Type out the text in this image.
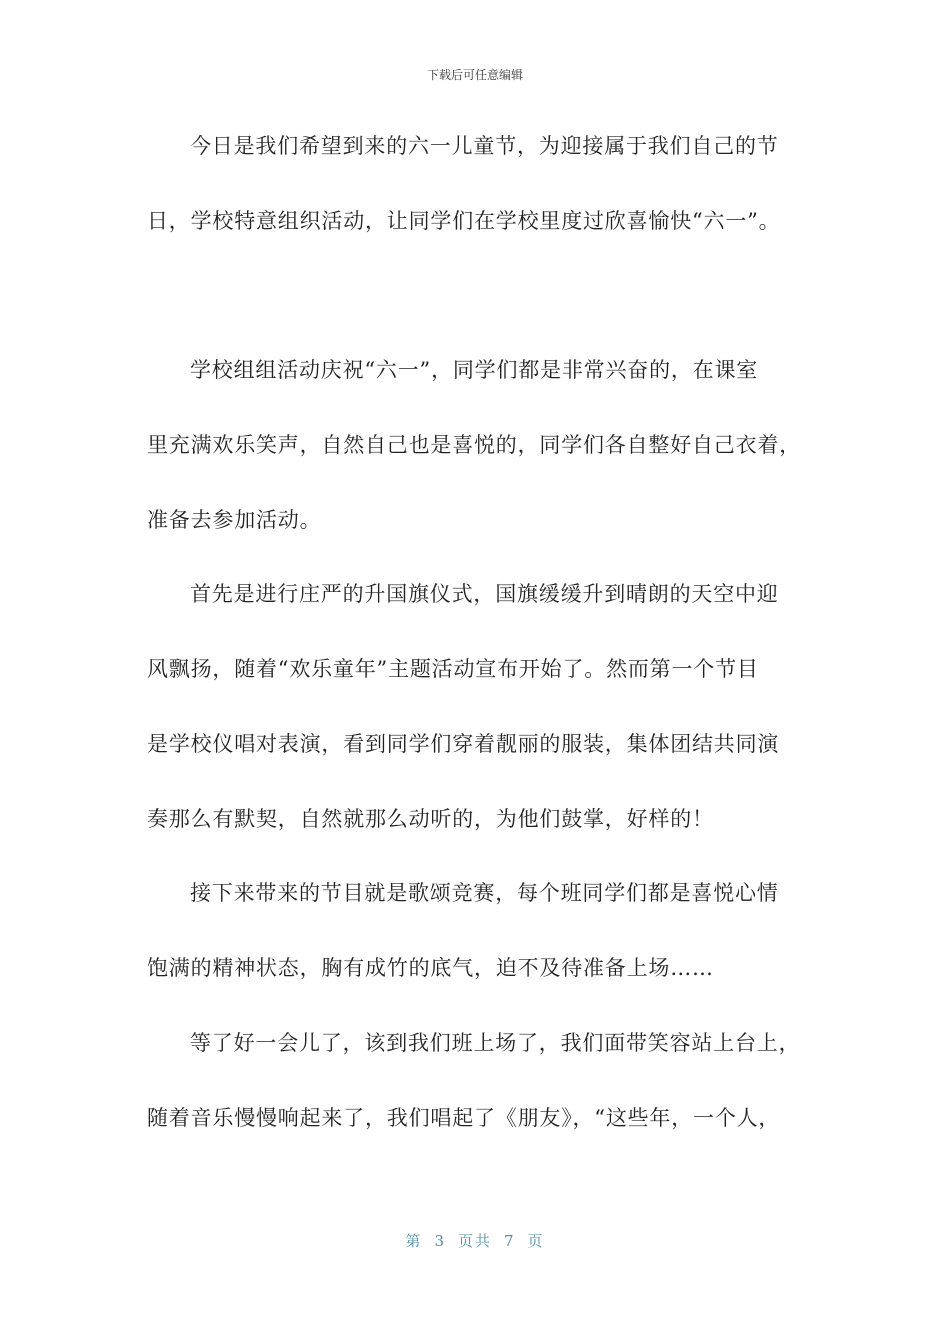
下载后可任意编辑
今日是我们希望到来的六一儿童节，为迎接属于我们自己的节
日，学校特意组织活动，让同学们在学校里度过欣喜愉快“六一”。
学校组组活动庆祝“六一”，同学们都是非常兴奋的，在课室
里充满欢乐笑声，自然自己也是喜悦的，同学们各自整好自己衣着，
准备去参加活动。
首先是进行庄严的升国旗仪式，国旗缓缓升到晴朗的天空中迎
风飘扬，随着“欢乐童年”主题活动宣布开始了。然而第一个节目
是学校仪唱对表演，看到同学们穿着靓丽的服装，集体团结共同演
奏那么有默契，自然就那么动听的，为他们鼓掌，好样的！
接下来带来的节目就是歌颂竞赛，每个班同学们都是喜悦心情
饱满的精神状态，胸有成竹的底气，迫不及待准备上场……
等了好一会儿了，该到我们班上场了，我们面带笑容站上台上，
随着音乐慢慢响起来了，我们唱起了《朋友》，“这些年，一个人，
第 3 页共 7 页
